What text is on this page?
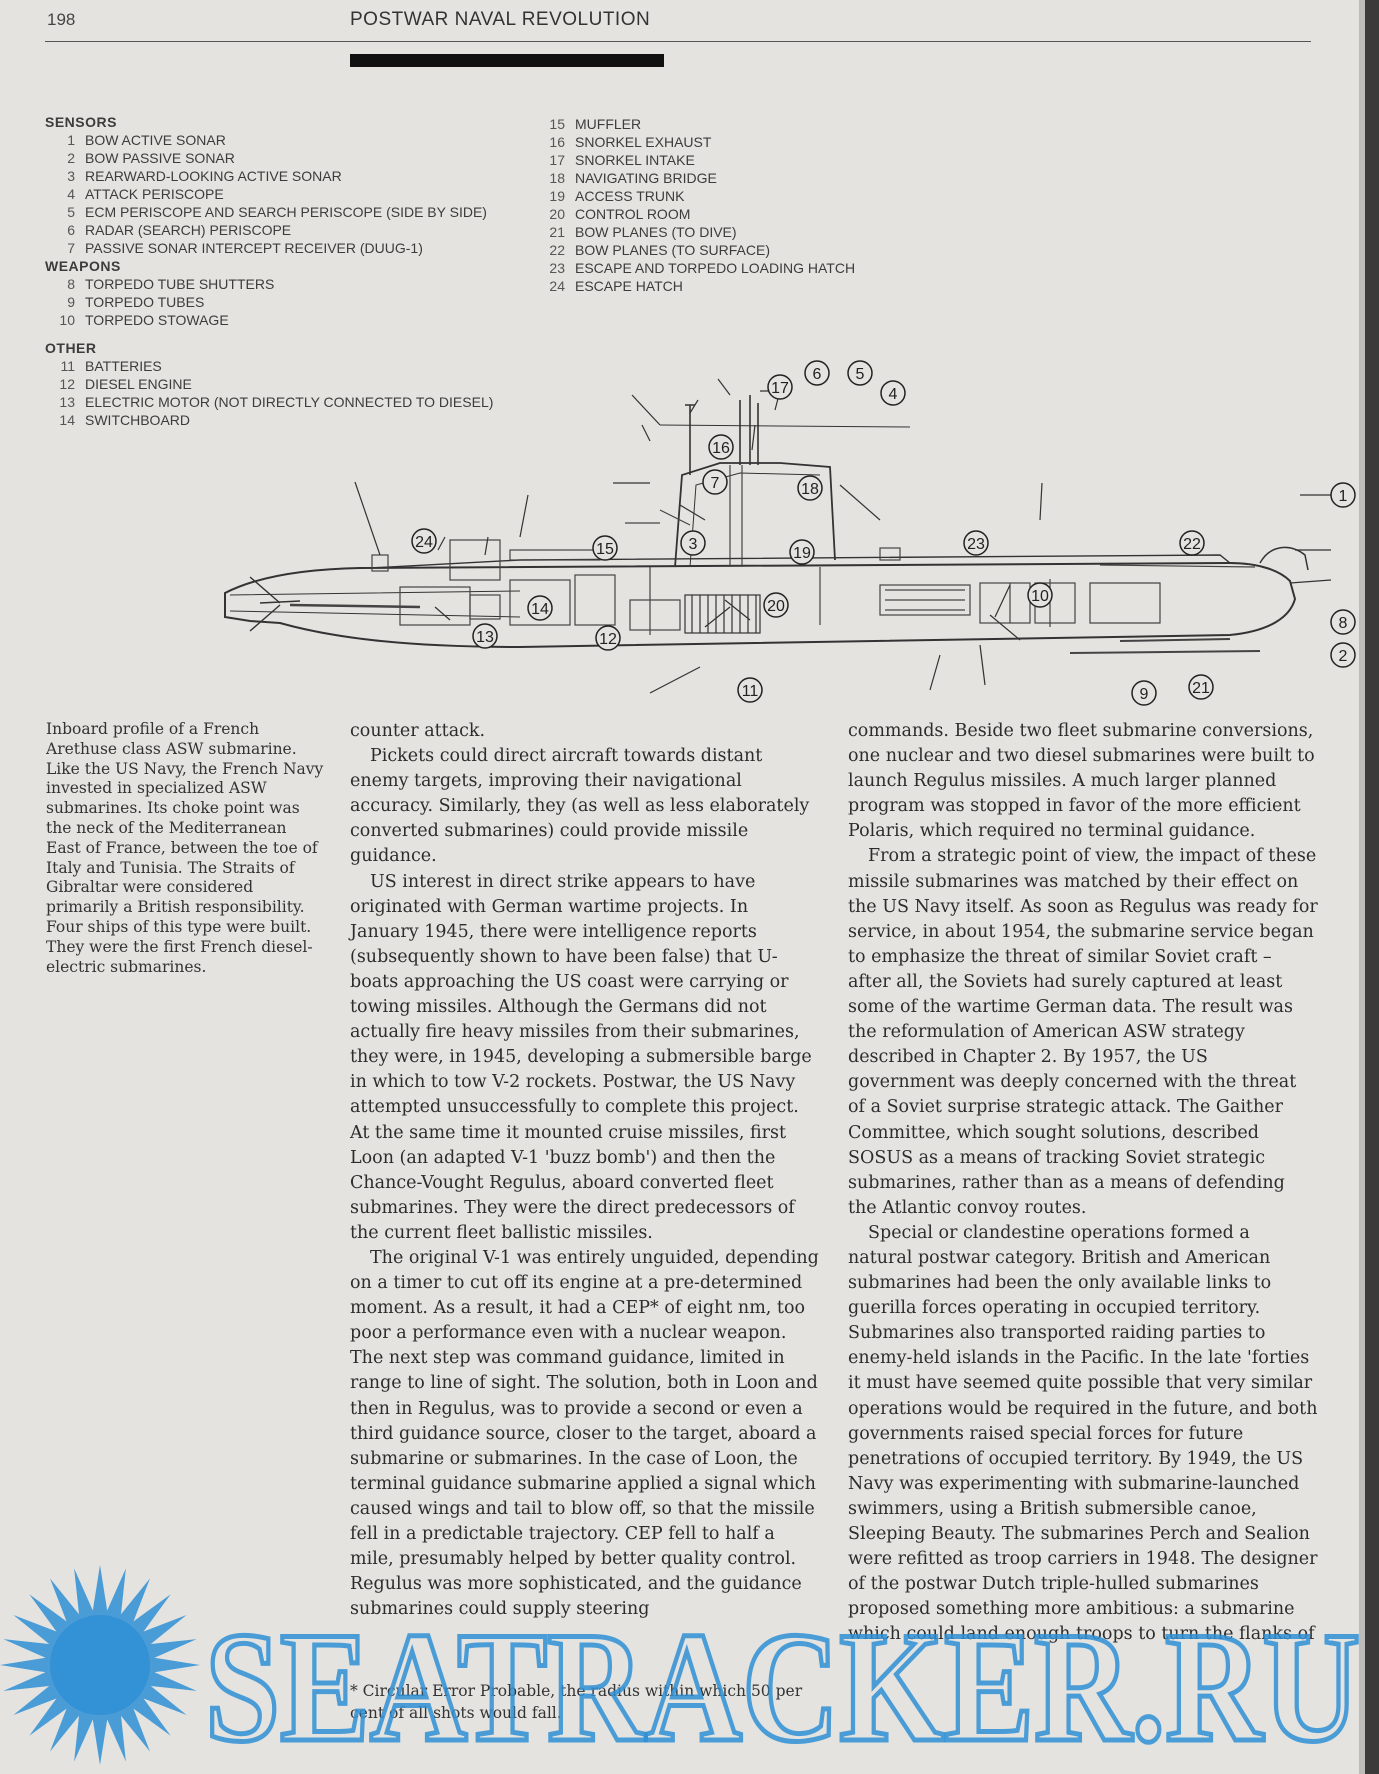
198	POSTWAR NAVAL REVOLUTION
SENSORS
1 BOW ACTIVE SONAR
2 BOW PASSIVE SONAR
3 REARWARD-LOOKING ACTIVE SONAR
4 ATTACK PERISCOPE
5 ECM PERISCOPE AND SEARCH PERISCOPE (SIDE BY SIDE)
6 RADAR (SEARCH) PERISCOPE
7 PASSIVE SONAR INTERCEPT RECEIVER (DUUG-1)
WEAPONS
8 TORPEDO TUBE SHUTTERS
9 TORPEDO TUBES
10 TORPEDO STOWAGE
OTHER
11 BATTERIES
12 DIESEL ENGINE
13 ELECTRIC MOTOR (NOT DIRECTLY CONNECTED TO DIESEL)
14 SWITCHBOARD
15 MUFFLER
16 SNORKEL EXHAUST
17 SNORKEL INTAKE
18 NAVIGATING BRIDGE
19 ACCESS TRUNK
20 CONTROL ROOM
21 BOW PLANES (TO DIVE)
22 BOW PLANES (TO SURFACE)
23 ESCAPE AND TORPEDO LOADING HATCH
24 ESCAPE HATCH
1
2
3
4
5
6
7
8
9
10
11
12
13
14
15
16
17
18
19
20
21
22
23
24
Inboard profile of a French Arethuse class ASW submarine. Like the US Navy, the French Navy invested in specialized ASW submarines. Its choke point was the neck of the Mediterranean East of France, between the toe of Italy and Tunisia. The Straits of Gibraltar were considered primarily a British responsibility. Four ships of this type were built. They were the first French diesel-electric submarines.

counter attack.

Pickets could direct aircraft towards distant enemy targets, improving their navigational accuracy. Similarly, they (as well as less elaborately converted submarines) could provide missile guidance.

US interest in direct strike appears to have originated with German wartime projects. In January 1945, there were intelligence reports (subsequently shown to have been false) that U-boats approaching the US coast were carrying or towing missiles. Although the Germans did not actually fire heavy missiles from their submarines, they were, in 1945, developing a submersible barge in which to tow V-2 rockets. Postwar, the US Navy attempted unsuccessfully to complete this project. At the same time it mounted cruise missiles, first Loon (an adapted V-1 'buzz bomb') and then the Chance-Vought Regulus, aboard converted fleet submarines. They were the direct predecessors of the current fleet ballistic missiles.

The original V-1 was entirely unguided, depending on a timer to cut off its engine at a pre-determined moment. As a result, it had a CEP* of eight nm, too poor a performance even with a nuclear weapon. The next step was command guidance, limited in range to line of sight. The solution, both in Loon and then in Regulus, was to provide a second or even a third guidance source, closer to the target, aboard a submarine or submarines. In the case of Loon, the terminal guidance submarine applied a signal which caused wings and tail to blow off, so that the missile fell in a predictable trajectory. CEP fell to half a mile, presumably helped by better quality control. Regulus was more sophisticated, and the guidance submarines could supply steering

* Circular Error Probable, the radius within which 50 per cent of all shots would fall.

commands. Beside two fleet submarine conversions, one nuclear and two diesel submarines were built to launch Regulus missiles. A much larger planned program was stopped in favor of the more efficient Polaris, which required no terminal guidance.

From a strategic point of view, the impact of these missile submarines was matched by their effect on the US Navy itself. As soon as Regulus was ready for service, in about 1954, the submarine service began to emphasize the threat of similar Soviet craft – after all, the Soviets had surely captured at least some of the wartime German data. The result was the reformulation of American ASW strategy described in Chapter 2. By 1957, the US government was deeply concerned with the threat of a Soviet surprise strategic attack. The Gaither Committee, which sought solutions, described SOSUS as a means of tracking Soviet strategic submarines, rather than as a means of defending the Atlantic convoy routes.

Special or clandestine operations formed a natural postwar category. British and American submarines had been the only available links to guerilla forces operating in occupied territory. Submarines also transported raiding parties to enemy-held islands in the Pacific. In the late 'forties it must have seemed quite possible that very similar operations would be required in the future, and both governments raised special forces for future penetrations of occupied territory. By 1949, the US Navy was experimenting with submarine-launched swimmers, using a British submersible canoe, Sleeping Beauty. The submarines Perch and Sealion were refitted as troop carriers in 1948. The designer of the postwar Dutch triple-hulled submarines proposed something more ambitious: a submarine which could land enough troops to turn the flanks of

SEATRACKER.RU
